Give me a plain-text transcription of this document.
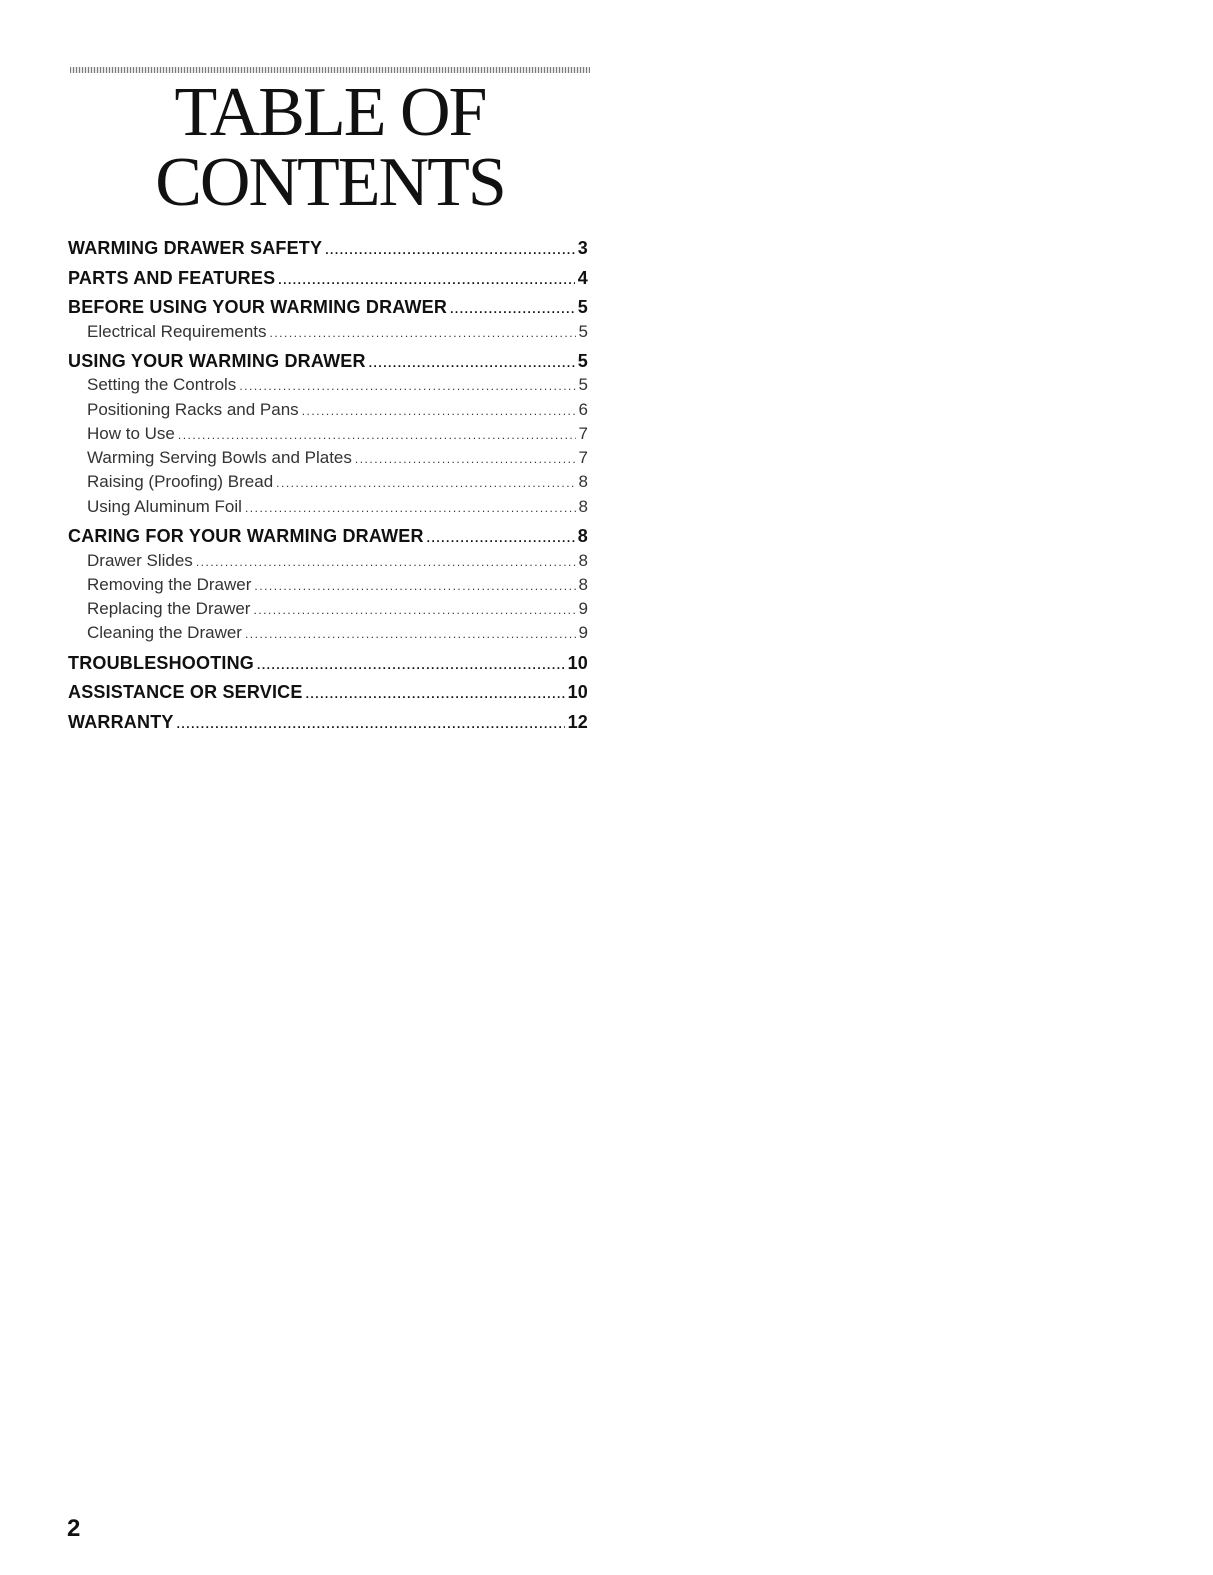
TABLE OF
CONTENTS
WARMING DRAWER SAFETY .....	3
PARTS AND FEATURES .....	4
BEFORE USING YOUR WARMING DRAWER .....	5
Electrical Requirements .....	5
USING YOUR WARMING DRAWER .....	5
Setting the Controls .....	5
Positioning Racks and Pans .....	6
How to Use .....	7
Warming Serving Bowls and Plates .....	7
Raising (Proofing) Bread .....	8
Using Aluminum Foil .....	8
CARING FOR YOUR WARMING DRAWER .....	8
Drawer Slides .....	8
Removing the Drawer .....	8
Replacing the Drawer .....	9
Cleaning the Drawer .....	9
TROUBLESHOOTING .....	10
ASSISTANCE OR SERVICE .....	10
WARRANTY .....	12
2
